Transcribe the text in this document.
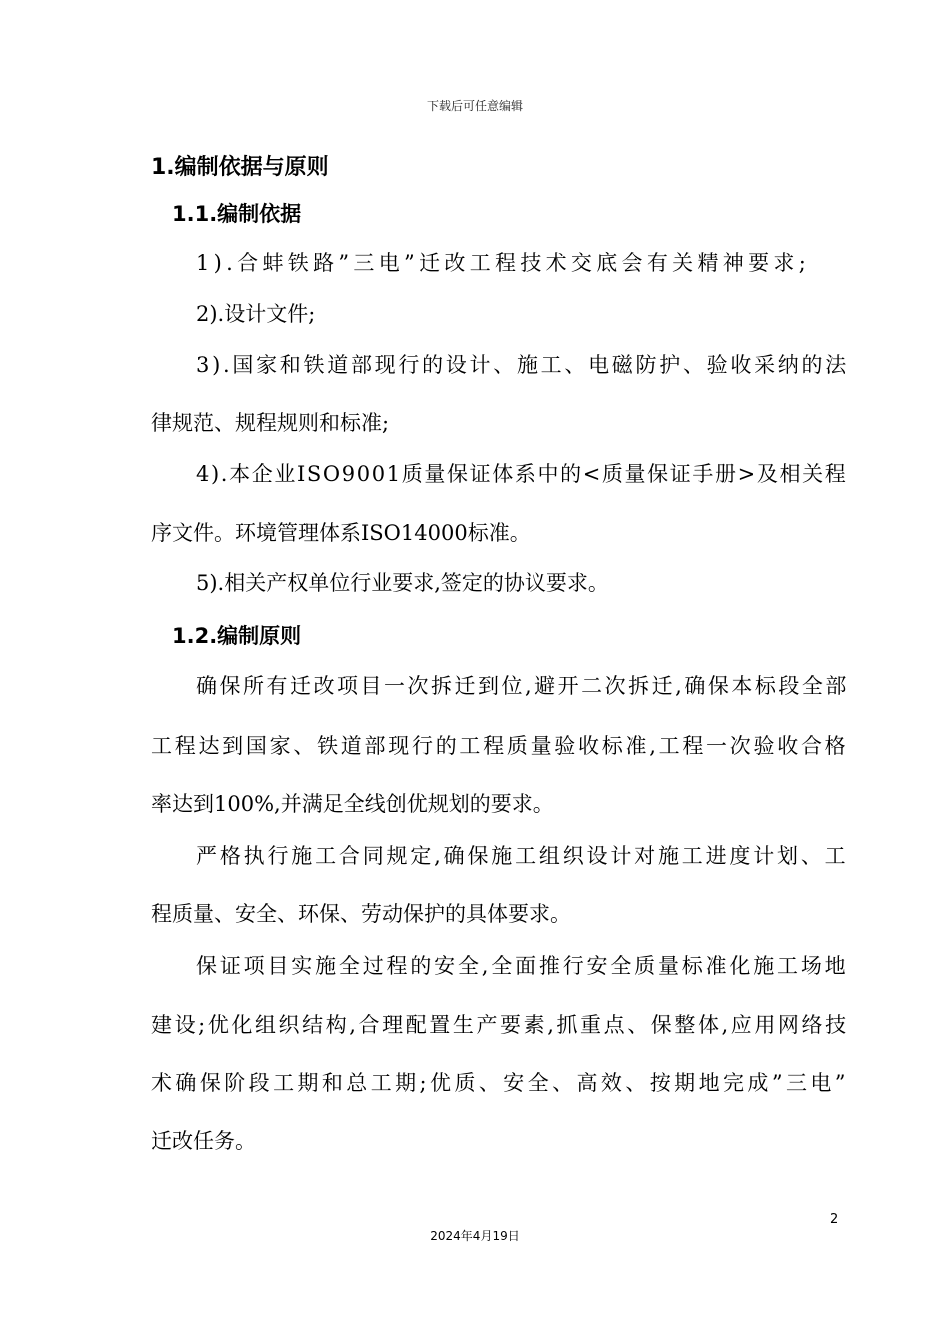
下载后可任意编辑
1.编制依据与原则
1.1.编制依据
1).合蚌铁路”三电”迁改工程技术交底会有关精神要求;
2).设计文件;
3).国家和铁道部现行的设计、施工、电磁防护、验收采纳的法
律规范、规程规则和标准;
4).本企业ISO9001质量保证体系中的<质量保证手册>及相关程
序文件。环境管理体系ISO14000标准。
5).相关产权单位行业要求,签定的协议要求。
1.2.编制原则
确保所有迁改项目一次拆迁到位,避开二次拆迁,确保本标段全部
工程达到国家、铁道部现行的工程质量验收标准,工程一次验收合格
率达到100%,并满足全线创优规划的要求。
严格执行施工合同规定,确保施工组织设计对施工进度计划、工
程质量、安全、环保、劳动保护的具体要求。
保证项目实施全过程的安全,全面推行安全质量标准化施工场地
建设;优化组织结构,合理配置生产要素,抓重点、保整体,应用网络技
术确保阶段工期和总工期;优质、安全、高效、按期地完成”三电”
迁改任务。
2
2024年4月19日
